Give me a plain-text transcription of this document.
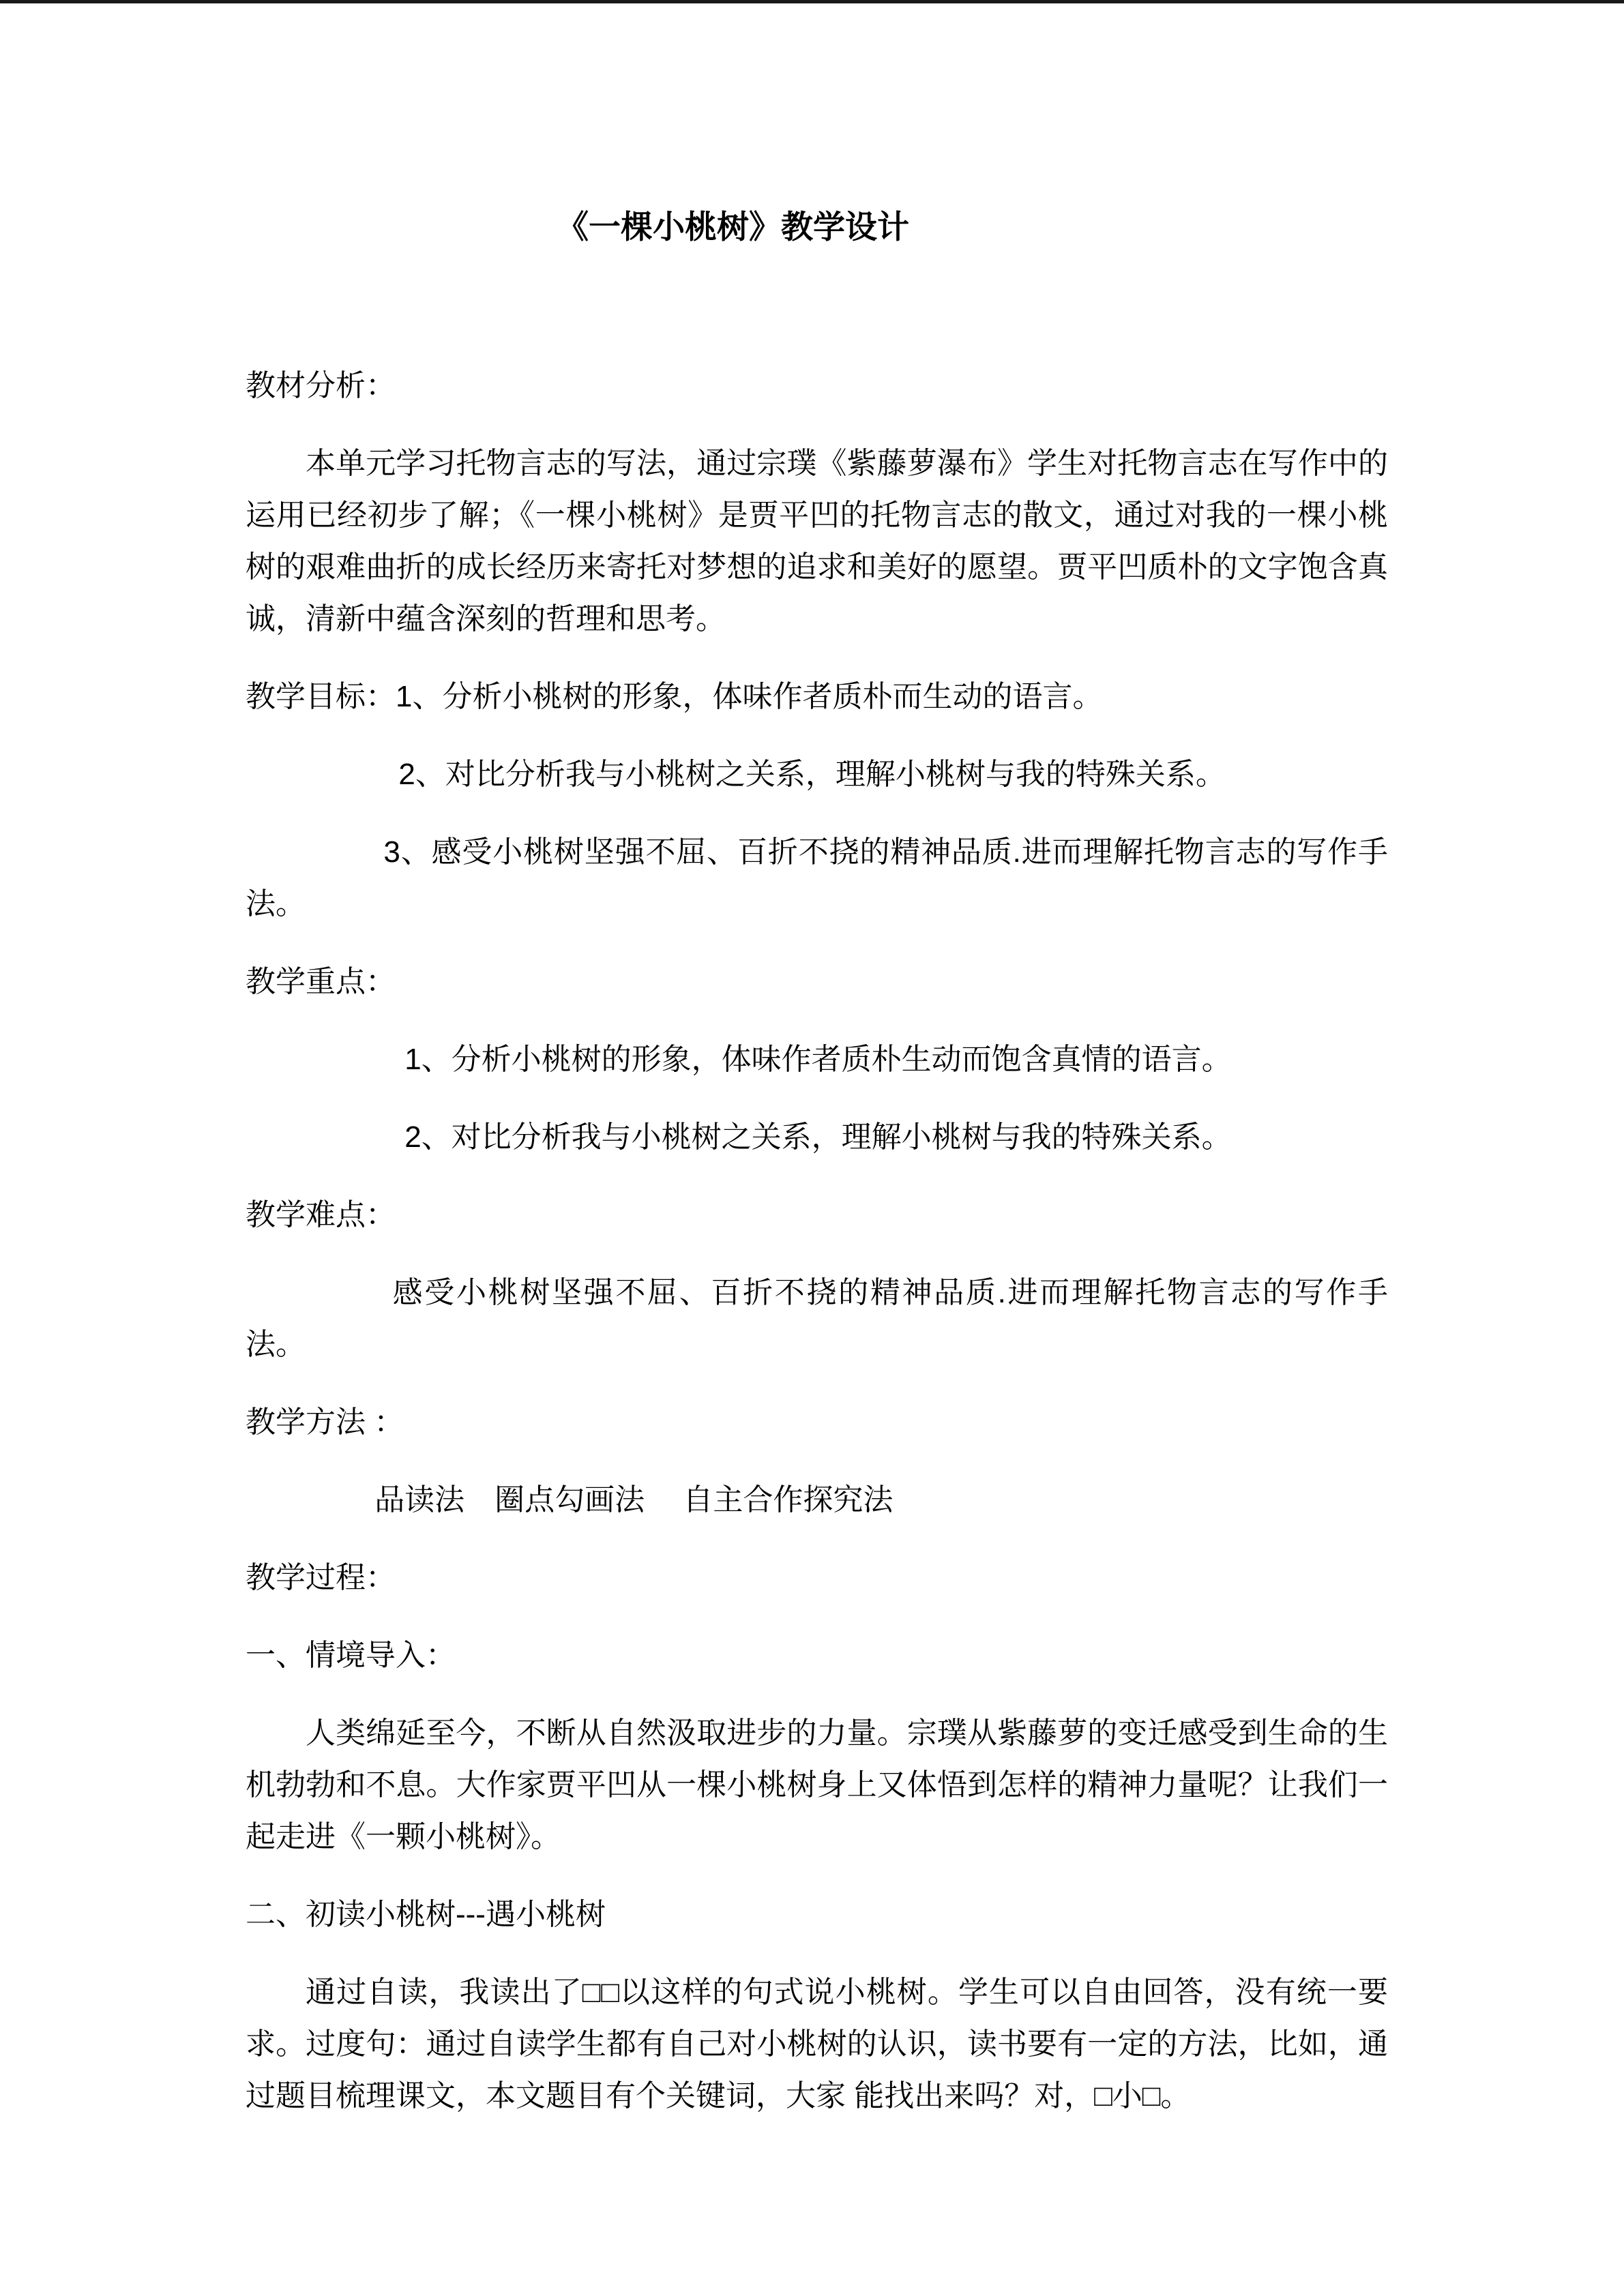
《一棵小桃树》教学设计

教材分析：

本单元学习托物言志的写法，通过宗璞《紫藤萝瀑布》学生对托物言志在写作中的运用已经初步了解；《一棵小桃树》是贾平凹的托物言志的散文，通过对我的一棵小桃树的艰难曲折的成长经历来寄托对梦想的追求和美好的愿望。贾平凹质朴的文字饱含真诚，清新中蕴含深刻的哲理和思考。

教学目标：1、分析小桃树的形象，体味作者质朴而生动的语言。

2、对比分析我与小桃树之关系，理解小桃树与我的特殊关系。

3、感受小桃树坚强不屈、百折不挠的精神品质.进而理解托物言志的写作手法。

教学重点：

1、分析小桃树的形象，体味作者质朴生动而饱含真情的语言。

2、对比分析我与小桃树之关系，理解小桃树与我的特殊关系。

教学难点：

感受小桃树坚强不屈、百折不挠的精神品质.进而理解托物言志的写作手法。

教学方法 ：

品读法　圈点勾画法　 自主合作探究法

教学过程：

一、情境导入：

人类绵延至今，不断从自然汲取进步的力量。宗璞从紫藤萝的变迁感受到生命的生机勃勃和不息。大作家贾平凹从一棵小桃树身上又体悟到怎样的精神力量呢？让我们一起走进《一颗小桃树》。

二、初读小桃树---遇小桃树

通过自读，我读出了□□以这样的句式说小桃树。学生可以自由回答，没有统一要求。过度句：通过自读学生都有自己对小桃树的认识，读书要有一定的方法，比如，通过题目梳理课文，本文题目有个关键词，大家 能找出来吗？对，□小□。
